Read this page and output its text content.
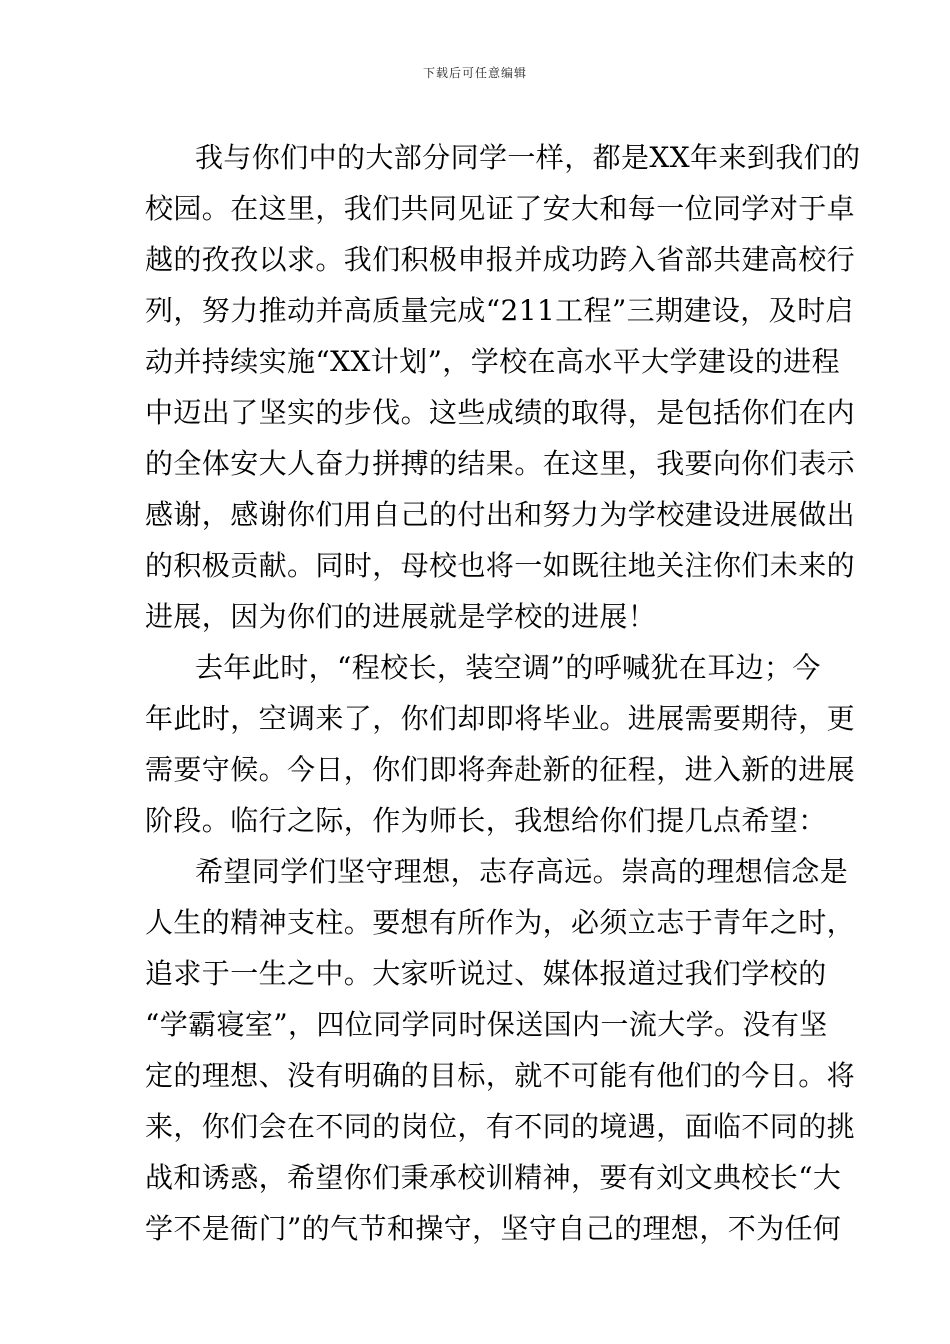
下载后可任意编辑
我与你们中的大部分同学一样，都是XX年来到我们的
校园。在这里，我们共同见证了安大和每一位同学对于卓
越的孜孜以求。我们积极申报并成功跨入省部共建高校行
列，努力推动并高质量完成“211工程”三期建设，及时启
动并持续实施“XX计划”，学校在高水平大学建设的进程
中迈出了坚实的步伐。这些成绩的取得，是包括你们在内
的全体安大人奋力拼搏的结果。在这里，我要向你们表示
感谢，感谢你们用自己的付出和努力为学校建设进展做出
的积极贡献。同时，母校也将一如既往地关注你们未来的
进展，因为你们的进展就是学校的进展！
去年此时，“程校长，装空调”的呼喊犹在耳边；今
年此时，空调来了，你们却即将毕业。进展需要期待，更
需要守候。今日，你们即将奔赴新的征程，进入新的进展
阶段。临行之际，作为师长，我想给你们提几点希望：
希望同学们坚守理想，志存高远。崇高的理想信念是
人生的精神支柱。要想有所作为，必须立志于青年之时，
追求于一生之中。大家听说过、媒体报道过我们学校的
“学霸寝室”，四位同学同时保送国内一流大学。没有坚
定的理想、没有明确的目标，就不可能有他们的今日。将
来，你们会在不同的岗位，有不同的境遇，面临不同的挑
战和诱惑，希望你们秉承校训精神，要有刘文典校长“大
学不是衙门”的气节和操守，坚守自己的理想，不为任何
